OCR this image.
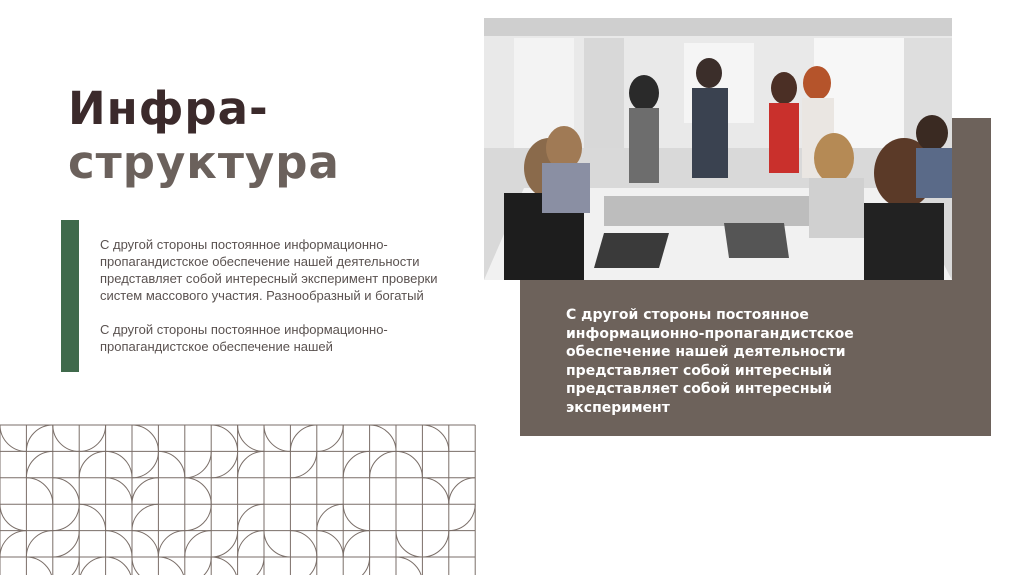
Инфра-
структура

С другой стороны постоянное информационно-пропагандистское обеспечение нашей деятельности представляет собой интересный эксперимент проверки систем массового участия. Разнообразный и богатый

С другой стороны постоянное информационно-пропагандистское обеспечение нашей

С другой стороны постоянное информационно-пропагандистское обеспечение нашей деятельности представляет собой интересный представляет собой интересный эксперимент
